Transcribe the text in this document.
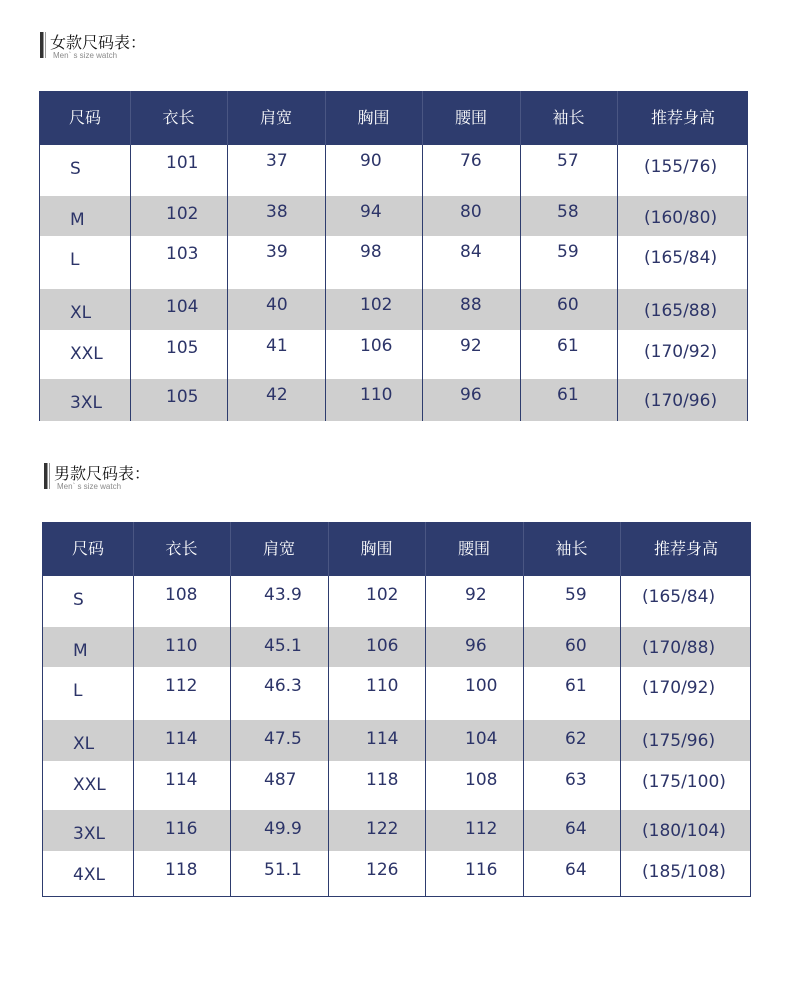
女款尺码表：
Men` s size watch
尺码	衣长	肩宽	胸围	腰围	袖长	推荐身高
S	101	37	90	76	57	(155/76)
M	102	38	94	80	58	(160/80)
L	103	39	98	84	59	(165/84)
XL	104	40	102	88	60	(165/88)
XXL	105	41	106	92	61	(170/92)
3XL	105	42	110	96	61	(170/96)
男款尺码表：
Men` s size watch
尺码	衣长	肩宽	胸围	腰围	袖长	推荐身高
S	108	43.9	102	92	59	(165/84)
M	110	45.1	106	96	60	(170/88)
L	112	46.3	110	100	61	(170/92)
XL	114	47.5	114	104	62	(175/96)
XXL	114	487	118	108	63	(175/100)
3XL	116	49.9	122	112	64	(180/104)
4XL	118	51.1	126	116	64	(185/108)
